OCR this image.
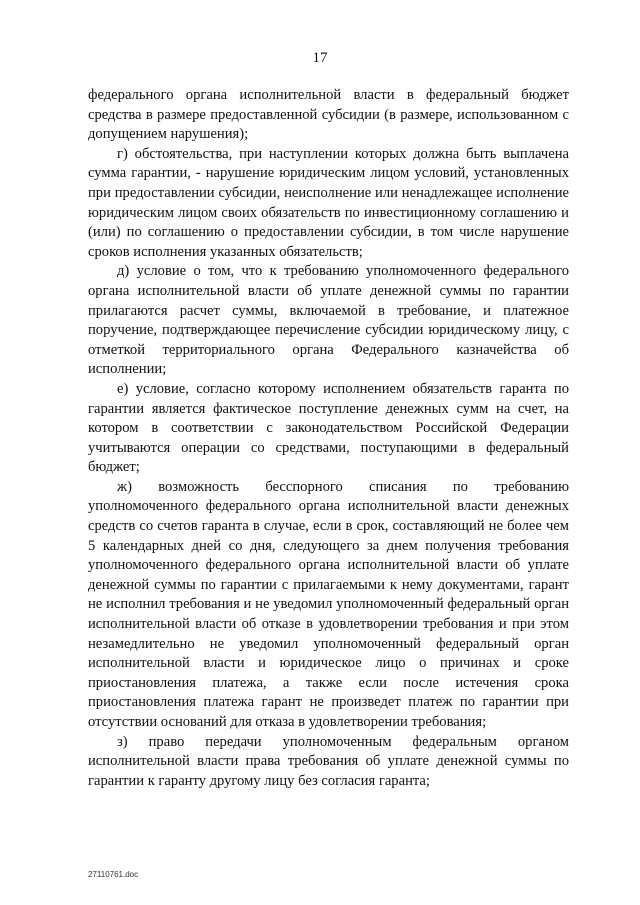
17

федерального органа исполнительной власти в федеральный бюджет средства в размере предоставленной субсидии (в размере, использованном с допущением нарушения);

г) обстоятельства, при наступлении которых должна быть выплачена сумма гарантии, - нарушение юридическим лицом условий, установленных при предоставлении субсидии, неисполнение или ненадлежащее исполнение юридическим лицом своих обязательств по инвестиционному соглашению и (или) по соглашению о предоставлении субсидии, в том числе нарушение сроков исполнения указанных обязательств;

д) условие о том, что к требованию уполномоченного федерального органа исполнительной власти об уплате денежной суммы по гарантии прилагаются расчет суммы, включаемой в требование, и платежное поручение, подтверждающее перечисление субсидии юридическому лицу, с отметкой территориального органа Федерального казначейства об исполнении;

е) условие, согласно которому исполнением обязательств гаранта по гарантии является фактическое поступление денежных сумм на счет, на котором в соответствии с законодательством Российской Федерации учитываются операции со средствами, поступающими в федеральный бюджет;

ж) возможность бесспорного списания по требованию уполномоченного федерального органа исполнительной власти денежных средств со счетов гаранта в случае, если в срок, составляющий не более чем 5 календарных дней со дня, следующего за днем получения требования уполномоченного федерального органа исполнительной власти об уплате денежной суммы по гарантии с прилагаемыми к нему документами, гарант не исполнил требования и не уведомил уполномоченный федеральный орган исполнительной власти об отказе в удовлетворении требования и при этом незамедлительно не уведомил уполномоченный федеральный орган исполнительной власти и юридическое лицо о причинах и сроке приостановления платежа, а также если после истечения срока приостановления платежа гарант не произведет платеж по гарантии при отсутствии оснований для отказа в удовлетворении требования;

з) право передачи уполномоченным федеральным органом исполнительной власти права требования об уплате денежной суммы по гарантии к гаранту другому лицу без согласия гаранта;

27110761.doc
